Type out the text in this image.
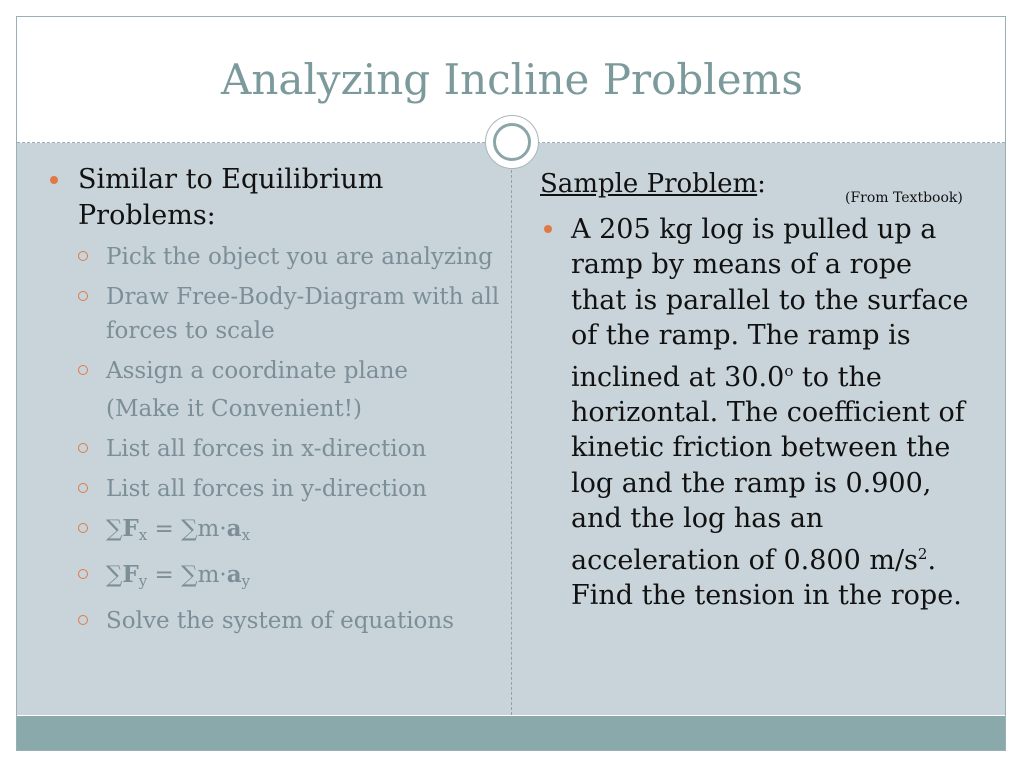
Analyzing Incline Problems
Similar to Equilibrium Problems:
Pick the object you are analyzing
Draw Free-Body-Diagram with all forces to scale
Assign a coordinate plane
(Make it Convenient!)
List all forces in x-direction
List all forces in y-direction
∑Fx = ∑m·ax
∑Fy = ∑m·ay
Solve the system of equations
Sample Problem:	(From Textbook)
A 205 kg log is pulled up a ramp by means of a rope that is parallel to the surface of the ramp. The ramp is inclined at 30.0$^o$ to the horizontal. The coefficient of kinetic friction between the log and the ramp is 0.900, and the log has an acceleration of 0.800 $m/s^2$. Find the tension in the rope.
